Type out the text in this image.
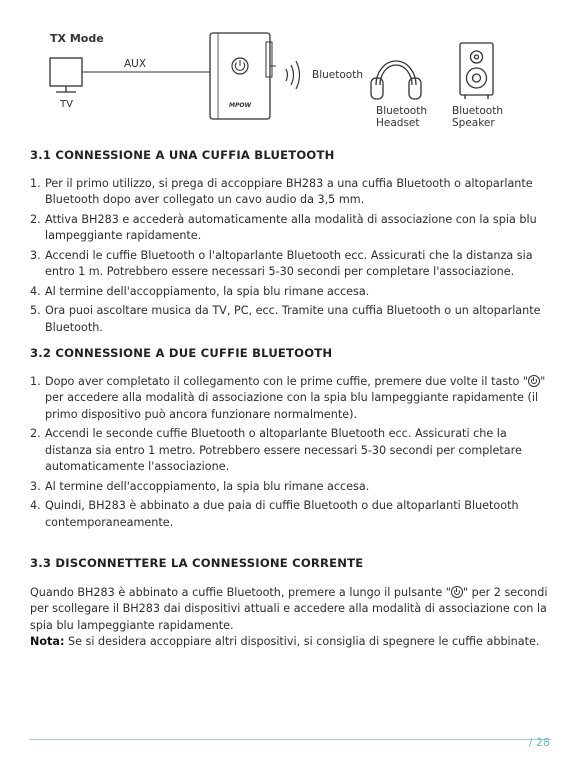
TX Mode
TV
AUX
MPOW
Bluetooth
Bluetooth
Headset
Bluetooth
Speaker
3.1 CONNESSIONE A UNA CUFFIA BLUETOOTH
1. Per il primo utilizzo, si prega di accoppiare BH283 a una cuffia Bluetooth o altoparlante Bluetooth dopo aver collegato un cavo audio da 3,5 mm.
2. Attiva BH283 e accederà automaticamente alla modalità di associazione con la spia blu lampeggiante rapidamente.
3. Accendi le cuffie Bluetooth o l'altoparlante Bluetooth ecc. Assicurati che la distanza sia entro 1 m. Potrebbero essere necessari 5-30 secondi per completare l'associazione.
4. Al termine dell'accoppiamento, la spia blu rimane accesa.
5. Ora puoi ascoltare musica da TV, PC, ecc. Tramite una cuffia Bluetooth o un altoparlante Bluetooth.
3.2 CONNESSIONE A DUE CUFFIE BLUETOOTH
1. Dopo aver completato il collegamento con le prime cuffie, premere due volte il tasto " " per accedere alla modalità di associazione con la spia blu lampeggiante rapidamente (il primo dispositivo può ancora funzionare normalmente).
2. Accendi le seconde cuffie Bluetooth o altoparlante Bluetooth ecc. Assicurati che la distanza sia entro 1 metro. Potrebbero essere necessari 5-30 secondi per completare automaticamente l'associazione.
3. Al termine dell'accoppiamento, la spia blu rimane accesa.
4. Quindi, BH283 è abbinato a due paia di cuffie Bluetooth o due altoparlanti Bluetooth contemporaneamente.
3.3 DISCONNETTERE LA CONNESSIONE CORRENTE

Quando BH283 è abbinato a cuffie Bluetooth, premere a lungo il pulsante " " per 2 secondi per scollegare il BH283 dai dispositivi attuali e accedere alla modalità di associazione con la spia blu lampeggiante rapidamente.

Nota: Se si desidera accoppiare altri dispositivi, si consiglia di spegnere le cuffie abbinate.

/ 28
